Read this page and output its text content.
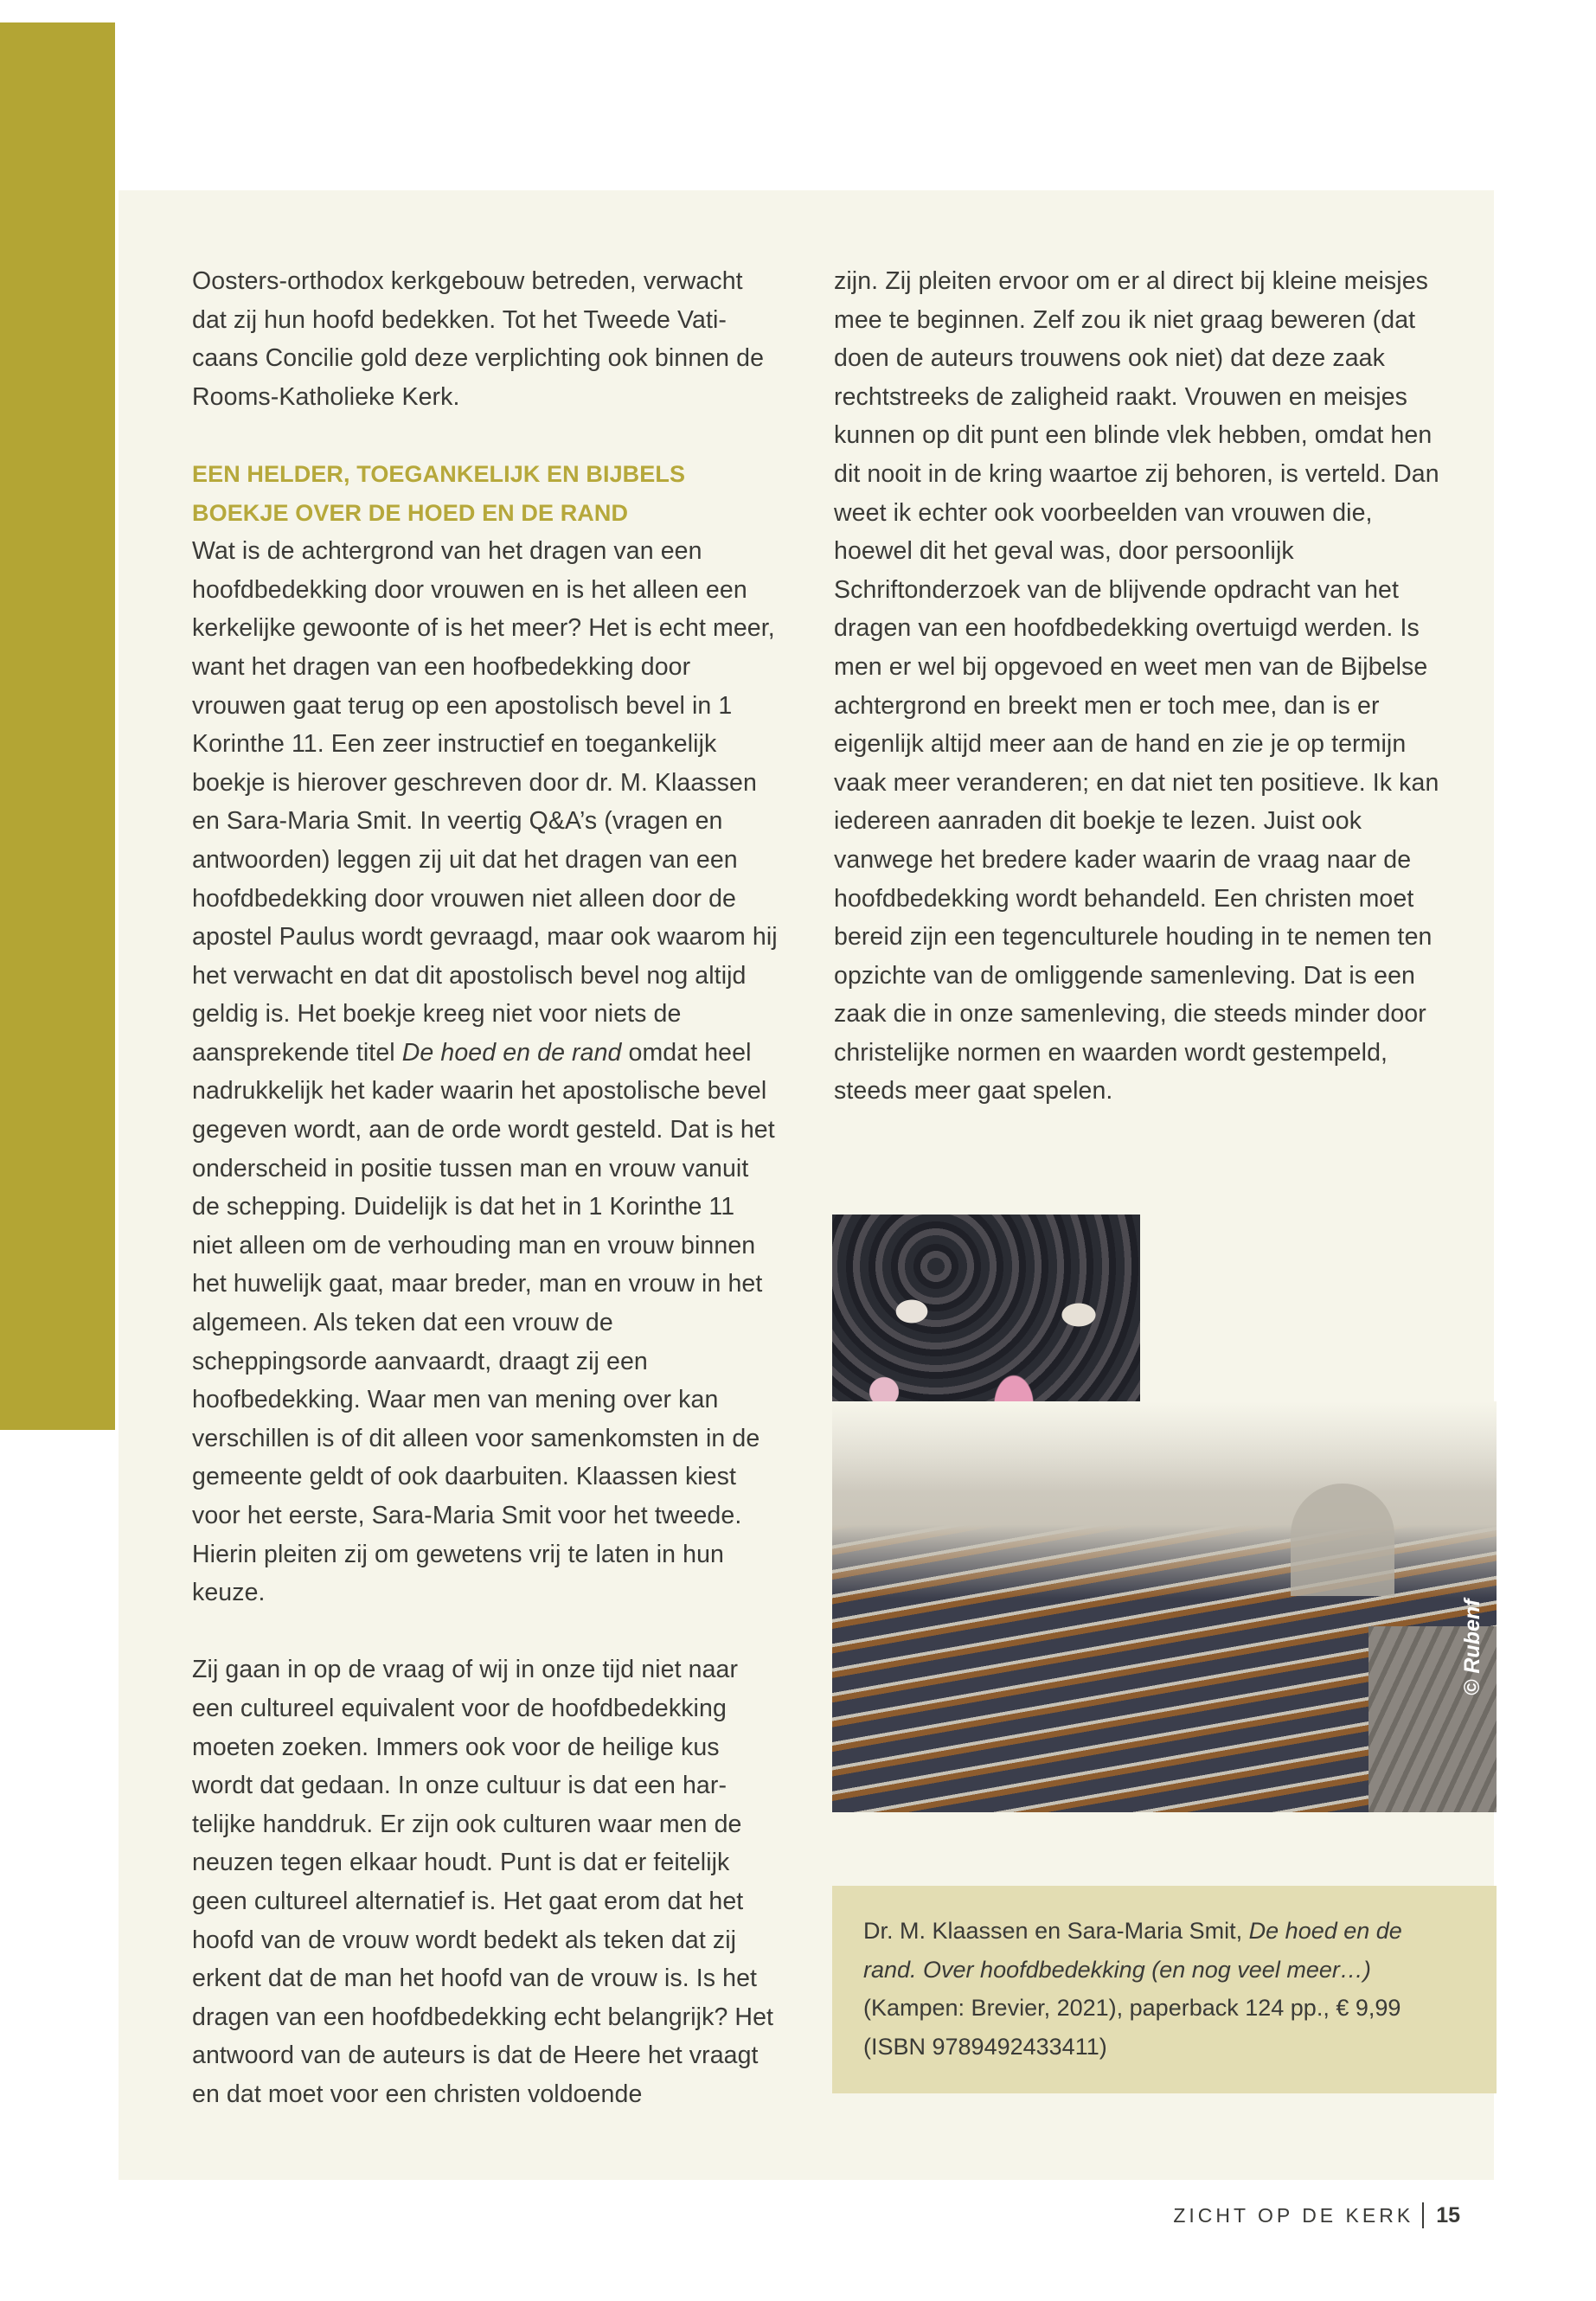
Oosters-orthodox kerkgebouw betreden, verwacht dat zij hun hoofd bedekken. Tot het Tweede Vaticaans Concilie gold deze verplichting ook binnen de Rooms-Katholieke Kerk.

EEN HELDER, TOEGANKELIJK EN BIJBELS BOEKJE OVER DE HOED EN DE RAND

Wat is de achtergrond van het dragen van een hoofdbedekking door vrouwen en is het alleen een kerkelijke gewoonte of is het meer? Het is echt meer, want het dragen van een hoofbedekking door vrouwen gaat terug op een apostolisch bevel in 1 Korinthe 11. Een zeer instructief en toegankelijk boekje is hierover geschreven door dr. M. Klaassen en Sara-Maria Smit. In veertig Q&A’s (vragen en antwoorden) leggen zij uit dat het dragen van een hoofdbedekking door vrouwen niet alleen door de apostel Paulus wordt gevraagd, maar ook waarom hij het verwacht en dat dit apostolisch bevel nog altijd geldig is. Het boekje kreeg niet voor niets de aansprekende titel De hoed en de rand omdat heel nadrukkelijk het kader waarin het apostolische bevel gegeven wordt, aan de orde wordt gesteld. Dat is het onderscheid in positie tussen man en vrouw vanuit de schepping. Duidelijk is dat het in 1 Korinthe 11 niet alleen om de verhouding man en vrouw binnen het huwelijk gaat, maar breder, man en vrouw in het algemeen. Als teken dat een vrouw de scheppingsorde aanvaardt, draagt zij een hoofbedekking. Waar men van mening over kan verschillen is of dit alleen voor samenkomsten in de gemeente geldt of ook daarbuiten. Klaassen kiest voor het eerste, Sara-Maria Smit voor het tweede. Hierin pleiten zij om gewetens vrij te laten in hun keuze.

Zij gaan in op de vraag of wij in onze tijd niet naar een cultureel equivalent voor de hoofdbedekking moeten zoeken. Immers ook voor de heilige kus wordt dat gedaan. In onze cultuur is dat een hartelijke handdruk. Er zijn ook culturen waar men de neuzen tegen elkaar houdt. Punt is dat er feitelijk geen cultureel alternatief is. Het gaat erom dat het hoofd van de vrouw wordt bedekt als teken dat zij erkent dat de man het hoofd van de vrouw is. Is het dragen van een hoofdbedekking echt belangrijk? Het antwoord van de auteurs is dat de Heere het vraagt en dat moet voor een christen voldoende

zijn. Zij pleiten ervoor om er al direct bij kleine meisjes mee te beginnen. Zelf zou ik niet graag beweren (dat doen de auteurs trouwens ook niet) dat deze zaak rechtstreeks de zaligheid raakt. Vrouwen en meisjes kunnen op dit punt een blinde vlek hebben, omdat hen dit nooit in de kring waartoe zij behoren, is verteld. Dan weet ik echter ook voorbeelden van vrouwen die, hoewel dit het geval was, door persoonlijk Schriftonderzoek van de blijvende opdracht van het dragen van een hoofdbedekking overtuigd werden. Is men er wel bij opgevoed en weet men van de Bijbelse achtergrond en breekt men er toch mee, dan is er eigenlijk altijd meer aan de hand en zie je op termijn vaak meer veranderen; en dat niet ten positieve. Ik kan iedereen aanraden dit boekje te lezen. Juist ook vanwege het bredere kader waarin de vraag naar de hoofdbedekking wordt behandeld. Een christen moet bereid zijn een tegenculturele houding in te nemen ten opzichte van de omliggende samenleving. Dat is een zaak die in onze samenleving, die steeds minder door christelijke normen en waarden wordt gestempeld, steeds meer gaat spelen.

© Rubenf
Dr. M. Klaassen en Sara-Maria Smit, De hoed en de rand. Over hoofdbedekking (en nog veel meer…) (Kampen: Brevier, 2021), paperback 124 pp., € 9,99 (ISBN 9789492433411)
ZICHT OP DE KERK 15
